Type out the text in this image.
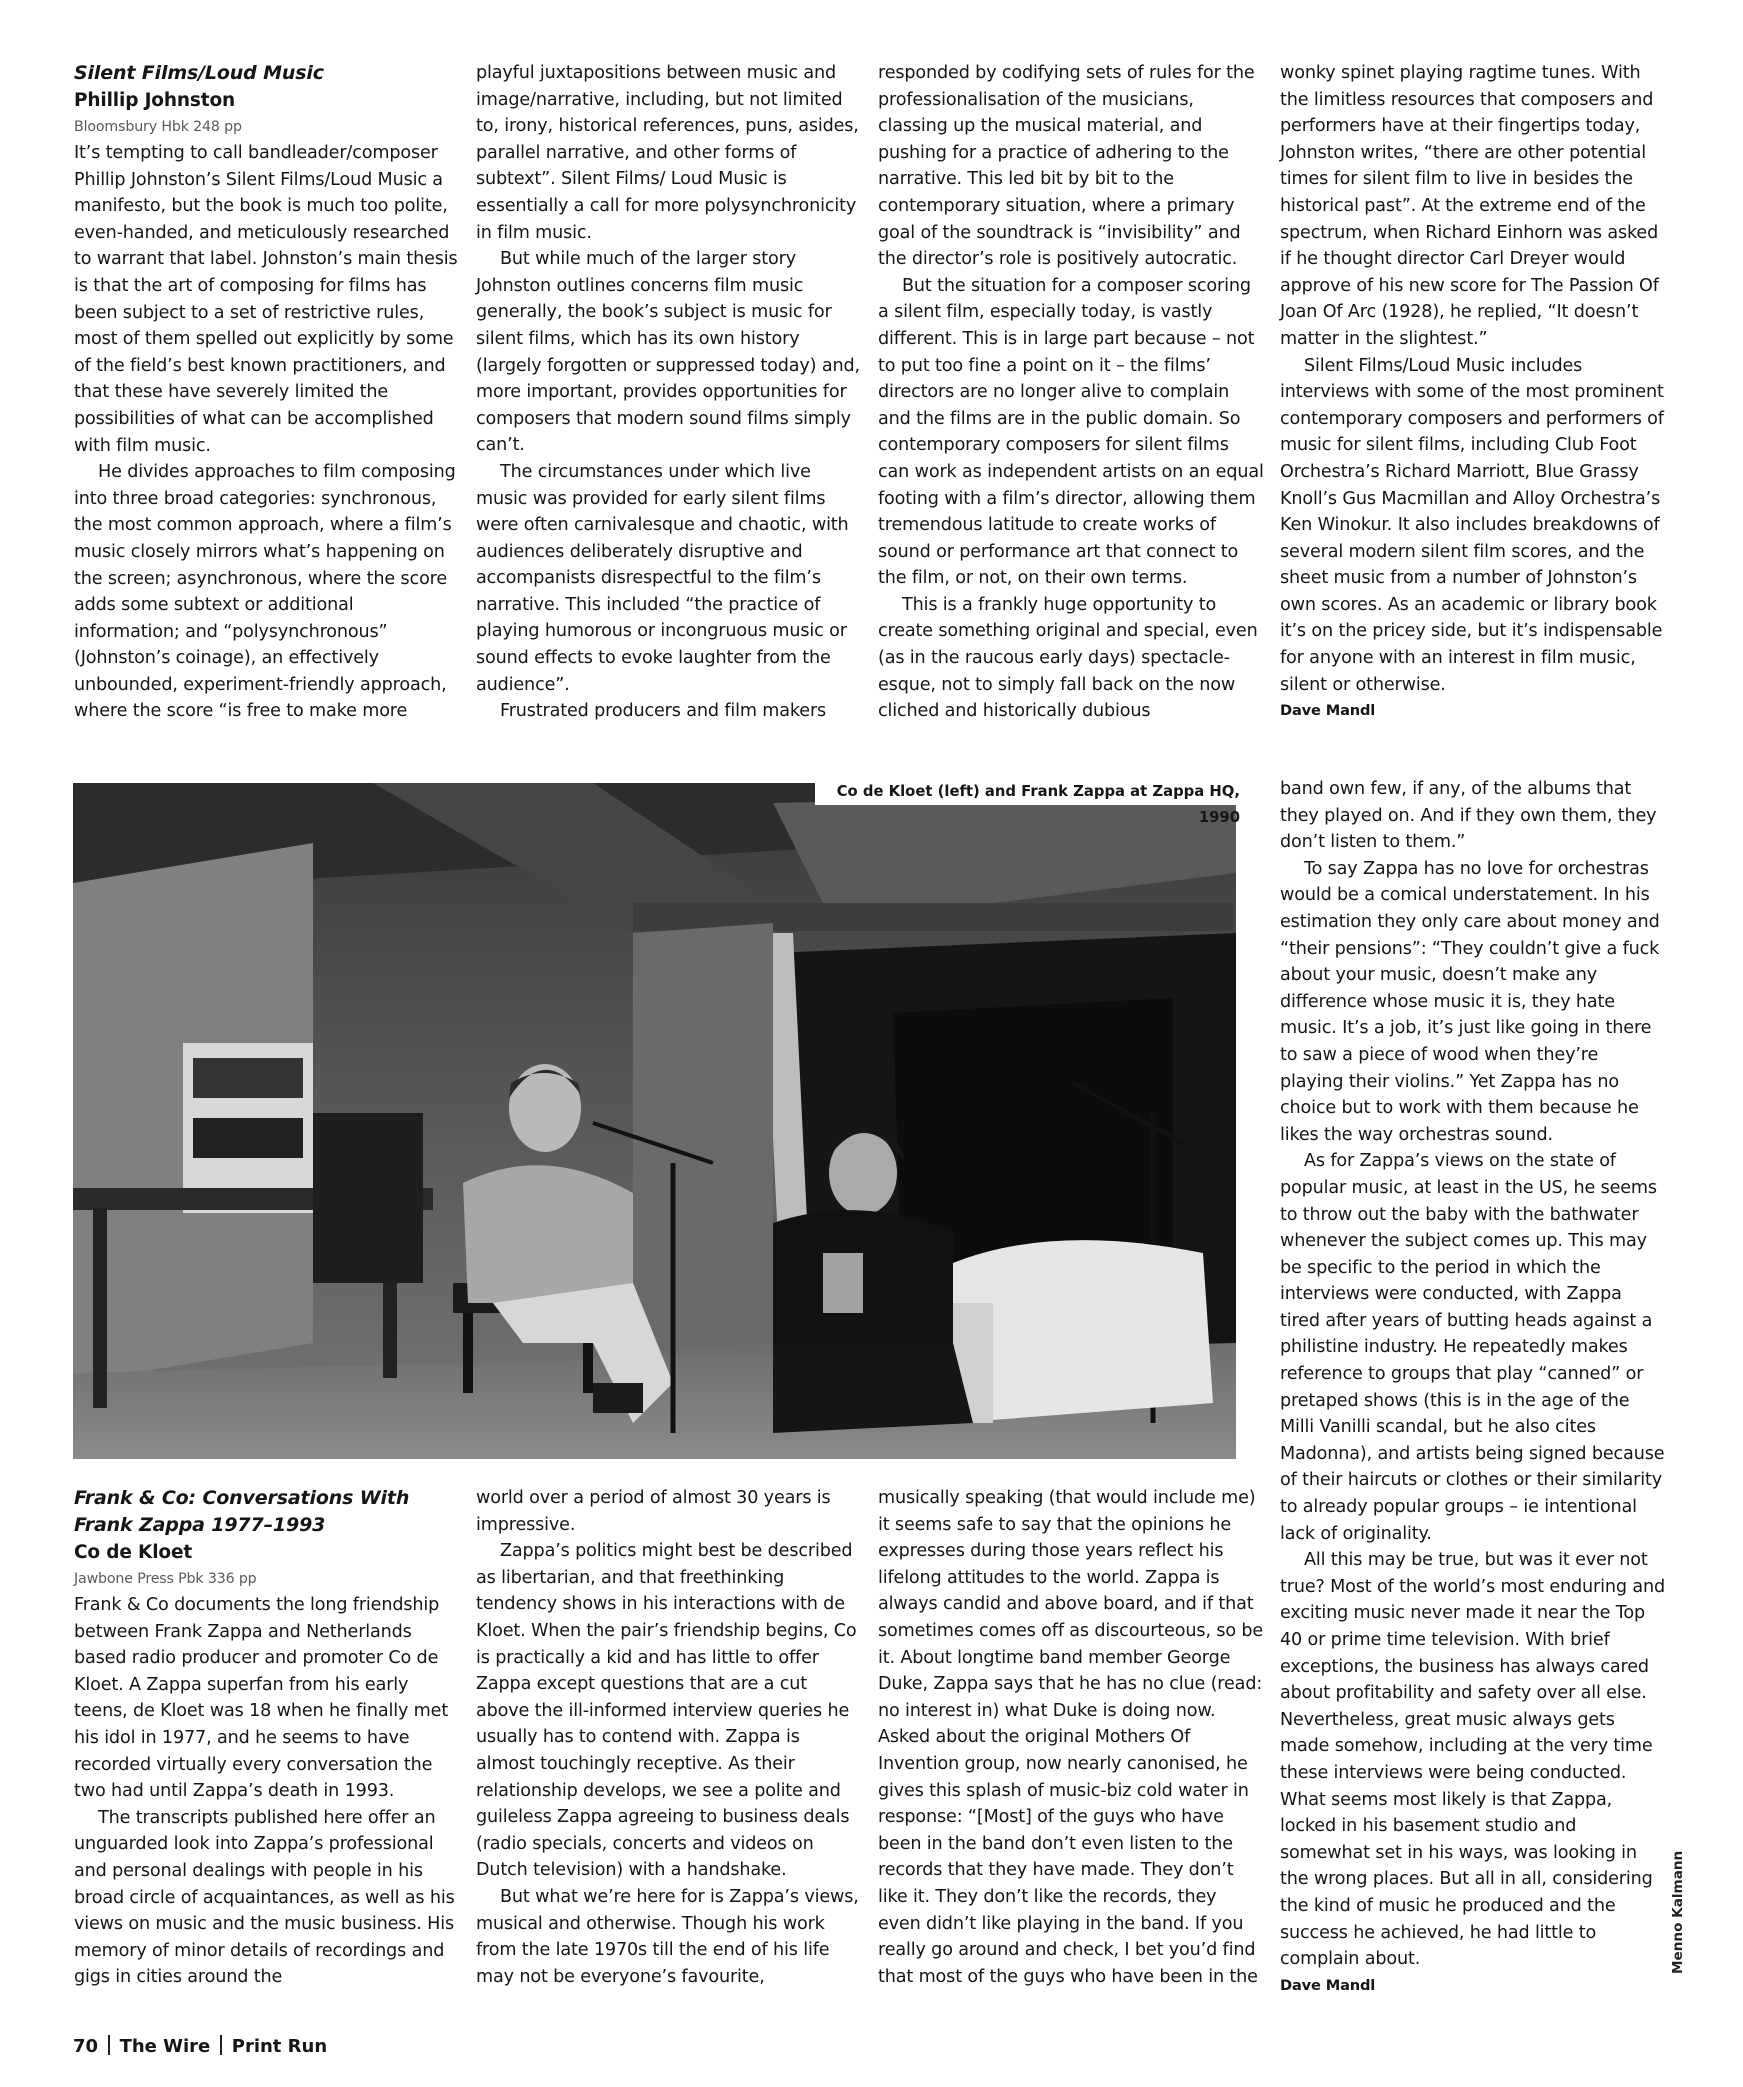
Silent Films/Loud Music
Phillip Johnston
Bloomsbury Hbk 248 pp

It’s tempting to call bandleader/composer Phillip Johnston’s Silent Films/Loud Music a manifesto, but the book is much too polite, even-handed, and meticulously researched to warrant that label. Johnston’s main thesis is that the art of composing for films has been subject to a set of restrictive rules, most of them spelled out explicitly by some of the field’s best known practitioners, and that these have severely limited the possibilities of what can be accomplished with film music.

He divides approaches to film composing into three broad categories: synchronous, the most common approach, where a film’s music closely mirrors what’s happening on the screen; asynchronous, where the score adds some subtext or additional information; and “polysynchronous” (Johnston’s coinage), an effectively unbounded, experiment-friendly approach, where the score “is free to make more

playful juxtapositions between music and image/narrative, including, but not limited to, irony, historical references, puns, asides, parallel narrative, and other forms of subtext”. Silent Films/ Loud Music is essentially a call for more polysynchronicity in film music.

But while much of the larger story Johnston outlines concerns film music generally, the book’s subject is music for silent films, which has its own history (largely forgotten or suppressed today) and, more important, provides opportunities for composers that modern sound films simply can’t.

The circumstances under which live music was provided for early silent films were often carnivalesque and chaotic, with audiences deliberately disruptive and accompanists disrespectful to the film’s narrative. This included “the practice of playing humorous or incongruous music or sound effects to evoke laughter from the audience”.

Frustrated producers and film makers

responded by codifying sets of rules for the professionalisation of the musicians, classing up the musical material, and pushing for a practice of adhering to the narrative. This led bit by bit to the contemporary situation, where a primary goal of the soundtrack is “invisibility” and the director’s role is positively autocratic.

But the situation for a composer scoring a silent film, especially today, is vastly different. This is in large part because – not to put too fine a point on it – the films’ directors are no longer alive to complain and the films are in the public domain. So contemporary composers for silent films can work as independent artists on an equal footing with a film’s director, allowing them tremendous latitude to create works of sound or performance art that connect to the film, or not, on their own terms.

This is a frankly huge opportunity to create something original and special, even (as in the raucous early days) spectacle-esque, not to simply fall back on the now cliched and historically dubious

wonky spinet playing ragtime tunes. With the limitless resources that composers and performers have at their fingertips today, Johnston writes, “there are other potential times for silent film to live in besides the historical past”. At the extreme end of the spectrum, when Richard Einhorn was asked if he thought director Carl Dreyer would approve of his new score for The Passion Of Joan Of Arc (1928), he replied, “It doesn’t matter in the slightest.”

Silent Films/Loud Music includes interviews with some of the most prominent contemporary composers and performers of music for silent films, including Club Foot Orchestra’s Richard Marriott, Blue Grassy Knoll’s Gus Macmillan and Alloy Orchestra’s Ken Winokur. It also includes breakdowns of several modern silent film scores, and the sheet music from a number of Johnston’s own scores. As an academic or library book it’s on the pricey side, but it’s indispensable for anyone with an interest in film music, silent or otherwise.

Dave Mandl
Co de Kloet (left) and Frank Zappa at Zappa HQ, 1990
Frank & Co: Conversations With Frank Zappa 1977–1993
Co de Kloet
Jawbone Press Pbk 336 pp

Frank & Co documents the long friendship between Frank Zappa and Netherlands based radio producer and promoter Co de Kloet. A Zappa superfan from his early teens, de Kloet was 18 when he finally met his idol in 1977, and he seems to have recorded virtually every conversation the two had until Zappa’s death in 1993.

The transcripts published here offer an unguarded look into Zappa’s professional and personal dealings with people in his broad circle of acquaintances, as well as his views on music and the music business. His memory of minor details of recordings and gigs in cities around the

world over a period of almost 30 years is impressive.

Zappa’s politics might best be described as libertarian, and that freethinking tendency shows in his interactions with de Kloet. When the pair’s friendship begins, Co is practically a kid and has little to offer Zappa except questions that are a cut above the ill-informed interview queries he usually has to contend with. Zappa is almost touchingly receptive. As their relationship develops, we see a polite and guileless Zappa agreeing to business deals (radio specials, concerts and videos on Dutch television) with a handshake.

But what we’re here for is Zappa’s views, musical and otherwise. Though his work from the late 1970s till the end of his life may not be everyone’s favourite,

musically speaking (that would include me) it seems safe to say that the opinions he expresses during those years reflect his lifelong attitudes to the world. Zappa is always candid and above board, and if that sometimes comes off as discourteous, so be it. About longtime band member George Duke, Zappa says that he has no clue (read: no interest in) what Duke is doing now. Asked about the original Mothers Of Invention group, now nearly canonised, he gives this splash of music-biz cold water in response: “[Most] of the guys who have been in the band don’t even listen to the records that they have made. They don’t like it. They don’t like the records, they even didn’t like playing in the band. If you really go around and check, I bet you’d find that most of the guys who have been in the

band own few, if any, of the albums that they played on. And if they own them, they don’t listen to them.”

To say Zappa has no love for orchestras would be a comical understatement. In his estimation they only care about money and “their pensions”: “They couldn’t give a fuck about your music, doesn’t make any difference whose music it is, they hate music. It’s a job, it’s just like going in there to saw a piece of wood when they’re playing their violins.” Yet Zappa has no choice but to work with them because he likes the way orchestras sound.

As for Zappa’s views on the state of popular music, at least in the US, he seems to throw out the baby with the bathwater whenever the subject comes up. This may be specific to the period in which the interviews were conducted, with Zappa tired after years of butting heads against a philistine industry. He repeatedly makes reference to groups that play “canned” or pretaped shows (this is in the age of the Milli Vanilli scandal, but he also cites Madonna), and artists being signed because of their haircuts or clothes or their similarity to already popular groups – ie intentional lack of originality.

All this may be true, but was it ever not true? Most of the world’s most enduring and exciting music never made it near the Top 40 or prime time television. With brief exceptions, the business has always cared about profitability and safety over all else. Nevertheless, great music always gets made somehow, including at the very time these interviews were being conducted. What seems most likely is that Zappa, locked in his basement studio and somewhat set in his ways, was looking in the wrong places. But all in all, considering the kind of music he produced and the success he achieved, he had little to complain about.

Dave Mandl
Menno Kalmann
70 The Wire Print Run
